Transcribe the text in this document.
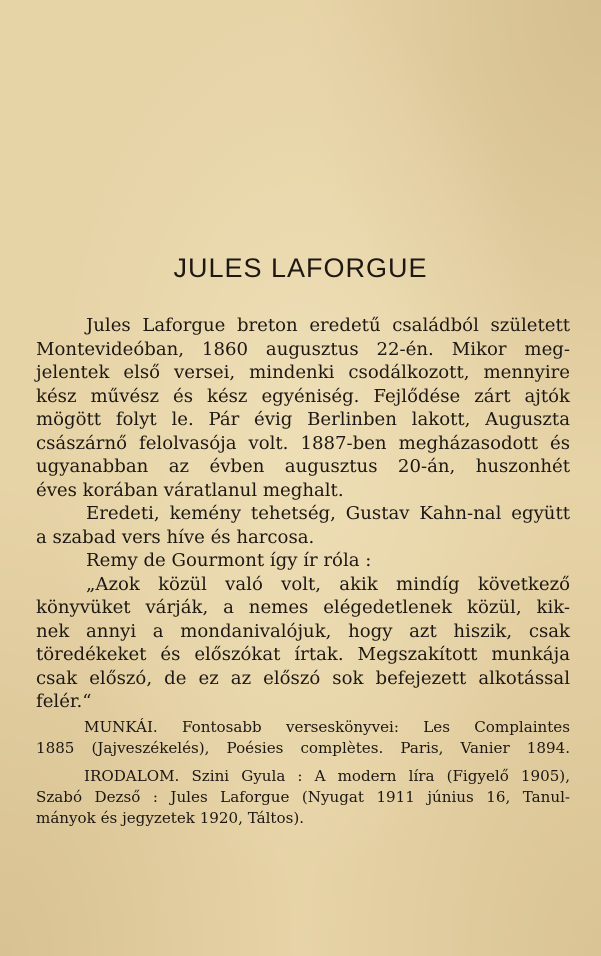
JULES LAFORGUE
Jules Laforgue breton eredetű családból született
Montevideóban, 1860 augusztus 22-én. Mikor meg-
jelentek első versei, mindenki csodálkozott, mennyire
kész művész és kész egyéniség. Fejlődése zárt ajtók
mögött folyt le. Pár évig Berlinben lakott, Auguszta
császárnő felolvasója volt. 1887-ben megházasodott és
ugyanabban az évben augusztus 20-án, huszonhét
éves korában váratlanul meghalt.
Eredeti, kemény tehetség, Gustav Kahn-nal együtt
a szabad vers híve és harcosa.
Remy de Gourmont így ír róla :
„Azok közül való volt, akik mindíg következő
könyvüket várják, a nemes elégedetlenek közül, kik-
nek annyi a mondanivalójuk, hogy azt hiszik, csak
töredékeket és előszókat írtak. Megszakított munkája
csak előszó, de ez az előszó sok befejezett alkotással
felér.“
MUNKÁI. Fontosabb verseskönyvei: Les Complaintes
1885 (Jajveszékelés), Poésies complètes. Paris, Vanier 1894.
IRODALOM. Szini Gyula : A modern líra (Figyelő 1905),
Szabó Dezső : Jules Laforgue (Nyugat 1911 június 16, Tanul-
mányok és jegyzetek 1920, Táltos).
